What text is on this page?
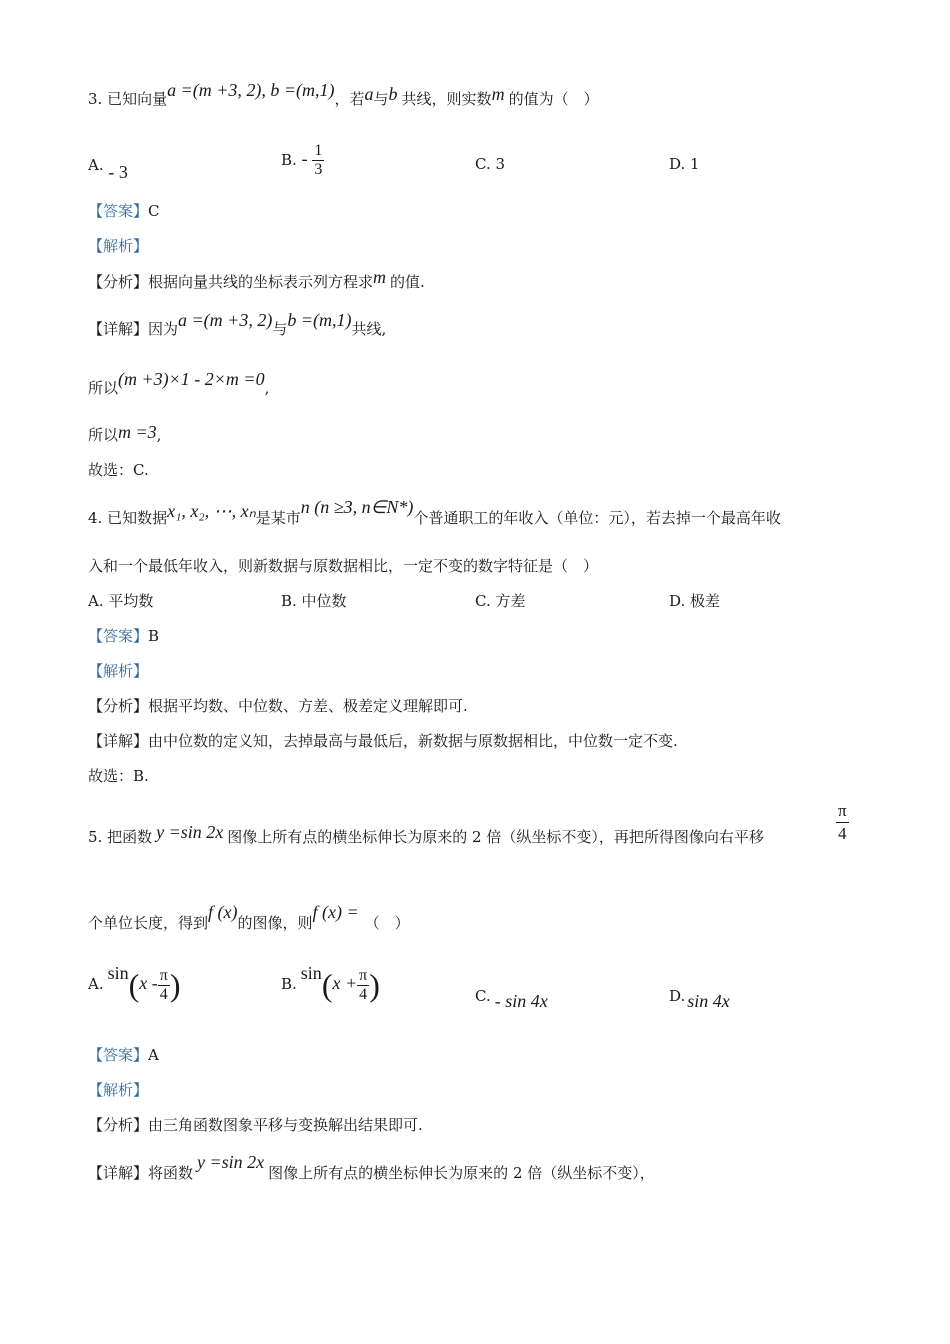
3. 已知向量a =(m +3, 2), b =(m,1)，若a与b 共线，则实数m 的值为（　）
A. - 3
B. - $\frac{1}{3}$	C. 3	D. 1
【答案】C
【解析】
【分析】根据向量共线的坐标表示列方程求m 的值.
【详解】因为a =(m +3, 2)与b =(m,1)共线,
所以(m +3)×1 - 2×m =0,
所以m =3,
故选：C.
4. 已知数据x₁, x₂, ⋯, xₙ是某市n (n ≥3, n∈N*)个普通职工的年收入（单位：元），若去掉一个最高年收
入和一个最低年收入，则新数据与原数据相比，一定不变的数字特征是（　）
A. 平均数	B. 中位数	C. 方差	D. 极差
【答案】B
【解析】
【分析】根据平均数、中位数、方差、极差定义理解即可.
【详解】由中位数的定义知，去掉最高与最低后，新数据与原数据相比，中位数一定不变.
故选：B.
5. 把函数 y =sin 2x 图像上所有点的横坐标伸长为原来的 2 倍（纵坐标不变），再把所得图像向右平移	$\frac{\pi}{4}$
个单位长度，得到f (x)的图像，则f (x) =（　）
$A.\sin(x - \frac{\pi}{4}$ )	$B.\sin(x + \frac{\pi}{4}$ )	C. - sin 4x	D. sin 4x
【答案】A
【解析】
【分析】由三角函数图象平移与变换解出结果即可.
【详解】将函数y =sin 2x图像上所有点的横坐标伸长为原来的 2 倍（纵坐标不变），
